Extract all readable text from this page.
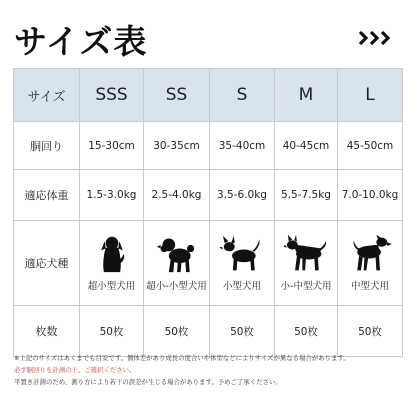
サイズ表
サイズ	SSS	SS	S	M	L
胴回り	15-30cm	30-35cm	35-40cm	40-45cm	45-50cm
適応体重	1.5-3.0kg	2.5-4.0kg	3.5-6.0kg	5.5-7.5kg	7.0-10.0kg
適応犬種	超小型犬用	超小-小型犬用	小型犬用	小-中型犬用	中型犬用

枚数	50枚	50枚	50枚	50枚	50枚
※上記のサイズはあくまでも目安です。個体差があり成長の度合いや体型などによりサイズが異なる場合があります。
必ず胴回りを計測の上、ご選択ください。
平置き計測のため、測り方により若干の誤差が生じる場合があります。予めご了承ください。
